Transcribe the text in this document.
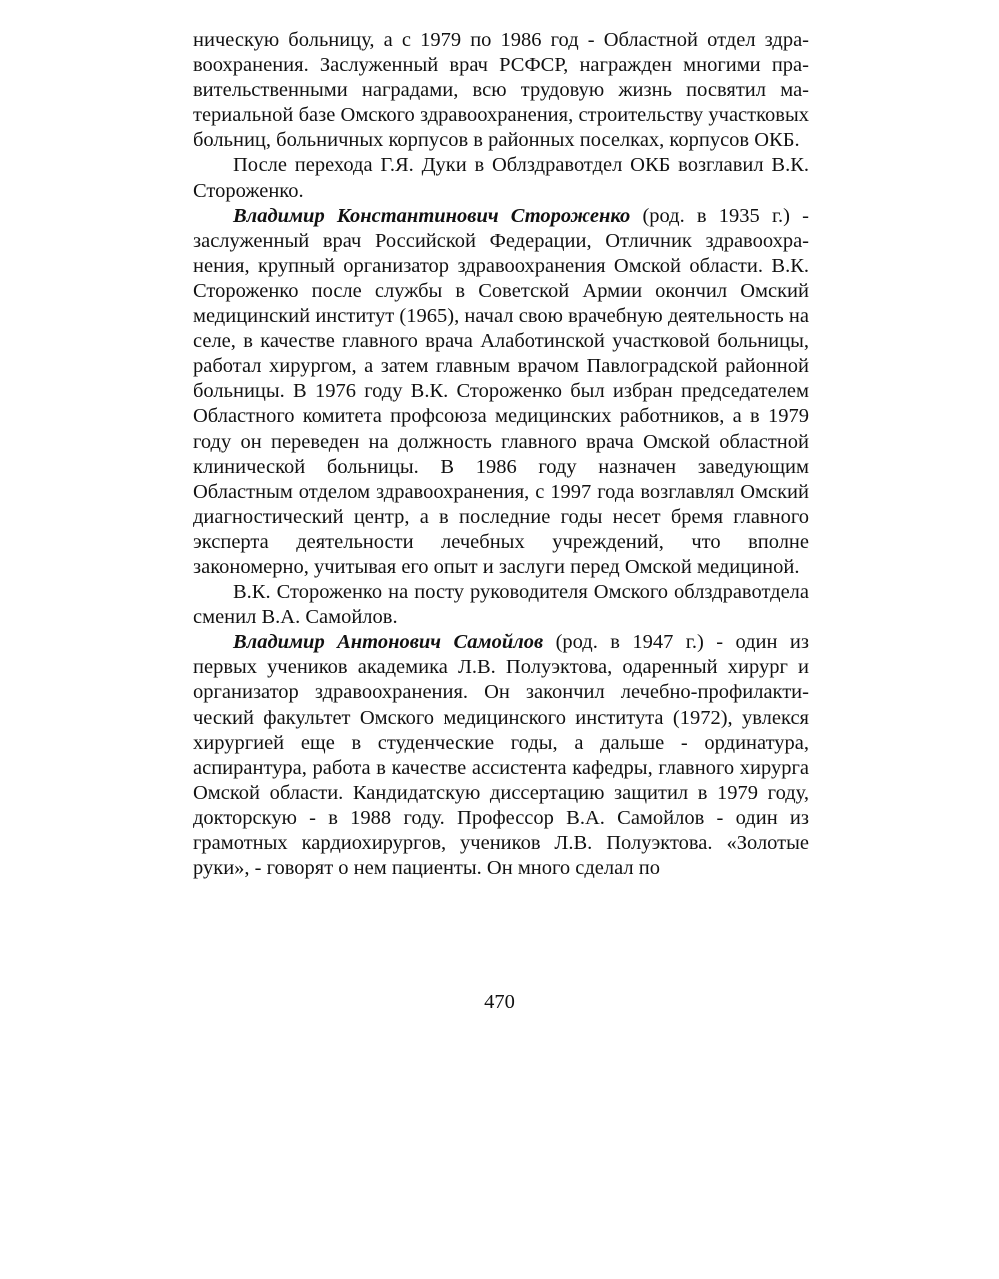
ническую больницу, а с 1979 по 1986 год - Областной отдел здравоохранения. Заслуженный врач РСФСР, награжден многими правительственными наградами, всю трудовую жизнь посвятил материальной базе Омского здравоохранения, строительству участковых больниц, больничных корпусов в районных поселках, корпусов ОКБ.

После перехода Г.Я. Дуки в Облздравотдел ОКБ возглавил В.К. Стороженко.

Владимир Константинович Стороженко (род. в 1935 г.) - заслуженный врач Российской Федерации, Отличник здравоохранения, крупный организатор здравоохранения Омской области. В.К. Стороженко после службы в Советской Армии окончил Омский медицинский институт (1965), начал свою врачебную деятельность на селе, в качестве главного врача Алаботинской участковой больницы, работал хирургом, а затем главным врачом Павлоградской районной больницы. В 1976 году В.К. Стороженко был избран председателем Областного комитета профсоюза медицинских работников, а в 1979 году он переведен на должность главного врача Омской областной клинической больницы. В 1986 году назначен заведующим Областным отделом здравоохранения, с 1997 года возглавлял Омский диагностический центр, а в последние годы несет бремя главного эксперта деятельности лечебных учреждений, что вполне закономерно, учитывая его опыт и заслуги перед Омской медициной.

В.К. Стороженко на посту руководителя Омского облздравотдела сменил В.А. Самойлов.

Владимир Антонович Самойлов (род. в 1947 г.) - один из первых учеников академика Л.В. Полуэктова, одаренный хирург и организатор здравоохранения. Он закончил лечебно-профилактический факультет Омского медицинского института (1972), увлекся хирургией еще в студенческие годы, а дальше - ординатура, аспирантура, работа в качестве ассистента кафедры, главного хирурга Омской области. Кандидатскую диссертацию защитил в 1979 году, докторскую - в 1988 году. Профессор В.А. Самойлов - один из грамотных кардиохирургов, учеников Л.В. Полуэктова. «Золотые руки», - говорят о нем пациенты. Он много сделал по

470
